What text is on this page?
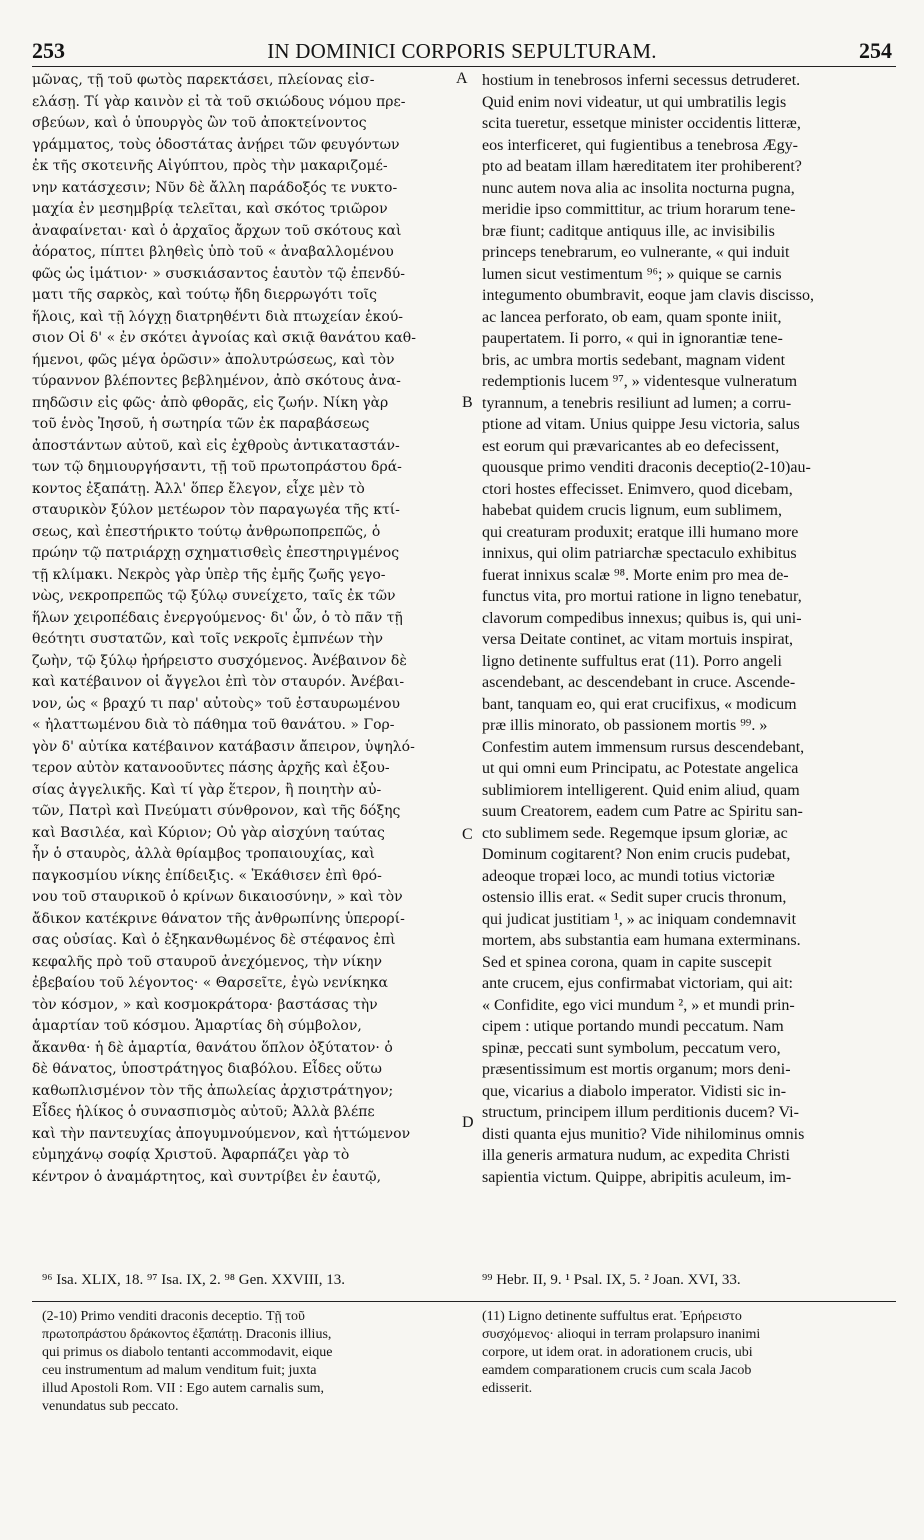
253	IN DOMINICI CORPORIS SEPULTURAM.	254
μῶνας, τῇ τοῦ φωτὸς παρεκτάσει, πλείονας εἰσ-
ελάσῃ. Τί γὰρ καινὸν εἰ τὰ τοῦ σκιώδους νόμου πρε-
σβεύων, καὶ ὁ ὑπουργὸς ὢν τοῦ ἀποκτείνοντος
γράμματος, τοὺς ὁδοστάτας ἀνῄρει τῶν φευγόντων
ἐκ τῆς σκοτεινῆς Αἰγύπτου, πρὸς τὴν μακαριζομέ-
νην κατάσχεσιν; Νῦν δὲ ἄλλη παράδοξός τε νυκτο-
μαχία ἐν μεσημβρίᾳ τελεῖται, καὶ σκότος τριῶρον
ἀναφαίνεται· καὶ ὁ ἀρχαῖος ἄρχων τοῦ σκότους καὶ
ἀόρατος, πίπτει βληθεὶς ὑπὸ τοῦ « ἀναβαλλομένου
φῶς ὡς ἱμάτιον· » συσκιάσαντος ἑαυτὸν τῷ ἐπενδύ-
ματι τῆς σαρκὸς, καὶ τούτῳ ἤδη διερρωγότι τοῖς
ἥλοις, καὶ τῇ λόγχῃ διατρηθέντι διὰ πτωχείαν ἑκού-
σιον Οἱ δ' « ἐν σκότει ἀγνοίας καὶ σκιᾷ θανάτου καθ-
ήμενοι, φῶς μέγα ὁρῶσιν» ἀπολυτρώσεως, καὶ τὸν
τύραννον βλέποντες βεβλημένον, ἀπὸ σκότους ἀνα-
πηδῶσιν εἰς φῶς· ἀπὸ φθορᾶς, εἰς ζωήν. Νίκη γὰρ
τοῦ ἑνὸς Ἰησοῦ, ἡ σωτηρία τῶν ἐκ παραβάσεως
ἀποστάντων αὐτοῦ, καὶ εἰς ἐχθροὺς ἀντικαταστάν-
των τῷ δημιουργήσαντι, τῇ τοῦ πρωτοπράστου δρά-
κοντος ἐξαπάτῃ. Ἀλλ' ὅπερ ἔλεγον, εἶχε μὲν τὸ
σταυρικὸν ξύλον μετέωρον τὸν παραγωγέα τῆς κτί-
σεως, καὶ ἐπεστήρικτο τούτῳ ἀνθρωποπρεπῶς, ὁ
πρώην τῷ πατριάρχῃ σχηματισθεὶς ἐπεστηριγμένος
τῇ κλίμακι. Νεκρὸς γὰρ ὑπὲρ τῆς ἐμῆς ζωῆς γεγο-
νὼς, νεκροπρεπῶς τῷ ξύλῳ συνείχετο, ταῖς ἐκ τῶν
ἥλων χειροπέδαις ἐνεργούμενος· δι' ὧν, ὁ τὸ πᾶν τῇ
θεότητι συστατῶν, καὶ τοῖς νεκροῖς ἐμπνέων τὴν
ζωὴν, τῷ ξύλῳ ἠρήρειστο συσχόμενος. Ἀνέβαινον δὲ
καὶ κατέβαινον οἱ ἄγγελοι ἐπὶ τὸν σταυρόν. Ἀνέβαι-
νον, ὡς « βραχύ τι παρ' αὐτοὺς» τοῦ ἐσταυρωμένου
« ἠλαττωμένου διὰ τὸ πάθημα τοῦ θανάτου. » Γορ-
γὸν δ' αὐτίκα κατέβαινον κατάβασιν ἄπειρον, ὑψηλό-
τερον αὐτὸν κατανοοῦντες πάσης ἀρχῆς καὶ ἐξου-
σίας ἀγγελικῆς. Καὶ τί γὰρ ἕτερον, ἢ ποιητὴν αὐ-
τῶν, Πατρὶ καὶ Πνεύματι σύνθρονον, καὶ τῆς δόξης
καὶ Βασιλέα, καὶ Κύριον; Οὐ γὰρ αἰσχύνη ταύτας
ἦν ὁ σταυρὸς, ἀλλὰ θρίαμβος τροπαιουχίας, καὶ
παγκοσμίου νίκης ἐπίδειξις. « Ἐκάθισεν ἐπὶ θρό-
νου τοῦ σταυρικοῦ ὁ κρίνων δικαιοσύνην, » καὶ τὸν
ἄδικον κατέκρινε θάνατον τῆς ἀνθρωπίνης ὑπερορί-
σας οὐσίας. Καὶ ὁ ἐξηκανθωμένος δὲ στέφανος ἐπὶ
κεφαλῆς πρὸ τοῦ σταυροῦ ἀνεχόμενος, τὴν νίκην
ἐβεβαίου τοῦ λέγοντος· « Θαρσεῖτε, ἐγὼ νενίκηκα
τὸν κόσμον, » καὶ κοσμοκράτορα· βαστάσας τὴν
ἁμαρτίαν τοῦ κόσμου. Ἁμαρτίας δὴ σύμβολον,
ἄκανθα· ἡ δὲ ἁμαρτία, θανάτου ὅπλον ὀξύτατον· ὁ
δὲ θάνατος, ὑποστράτηγος διαβόλου. Εἶδες οὕτω
καθωπλισμένον τὸν τῆς ἀπωλείας ἀρχιστράτηγον;
Εἶδες ἡλίκος ὁ συνασπισμὸς αὐτοῦ; Ἀλλὰ βλέπε
καὶ τὴν παντευχίας ἀπογυμνούμενον, καὶ ἡττώμενον
εὐμηχάνῳ σοφίᾳ Χριστοῦ. Ἀφαρπάζει γὰρ τὸ
κέντρον ὁ ἀναμάρτητος, καὶ συντρίβει ἐν ἑαυτῷ,
hostium in tenebrosos inferni secessus detruderet.
Quid enim novi videatur, ut qui umbratilis legis
scita tueretur, essetque minister occidentis litteræ,
eos interficeret, qui fugientibus a tenebrosa Ægy-
pto ad beatam illam hæreditatem iter prohiberent?
nunc autem nova alia ac insolita nocturna pugna,
meridie ipso committitur, ac trium horarum tene-
bræ fiunt; caditque antiquus ille, ac invisibilis
princeps tenebrarum, eo vulnerante, « qui induit
lumen sicut vestimentum ⁹⁶; » quique se carnis
integumento obumbravit, eoque jam clavis discisso,
ac lancea perforato, ob eam, quam sponte iniit,
paupertatem. Ii porro, « qui in ignorantiæ tene-
bris, ac umbra mortis sedebant, magnam vident
redemptionis lucem ⁹⁷, » videntesque vulneratum
tyrannum, a tenebris resiliunt ad lumen; a corru-
ptione ad vitam. Unius quippe Jesu victoria, salus
est eorum qui prævaricantes ab eo defecissent,
quousque primo venditi draconis deceptio(2-10)au-
ctori hostes effecisset. Enimvero, quod dicebam,
habebat quidem crucis lignum, eum sublimem,
qui creaturam produxit; eratque illi humano more
innixus, qui olim patriarchæ spectaculo exhibitus
fuerat innixus scalæ ⁹⁸. Morte enim pro mea de-
functus vita, pro mortui ratione in ligno tenebatur,
clavorum compedibus innexus; quibus is, qui uni-
versa Deitate continet, ac vitam mortuis inspirat,
ligno detinente suffultus erat (11). Porro angeli
ascendebant, ac descendebant in cruce. Ascende-
bant, tanquam eo, qui erat crucifixus, « modicum
præ illis minorato, ob passionem mortis ⁹⁹. »
Confestim autem immensum rursus descendebant,
ut qui omni eum Principatu, ac Potestate angelica
sublimiorem intelligerent. Quid enim aliud, quam
suum Creatorem, eadem cum Patre ac Spiritu san-
cto sublimem sede. Regemque ipsum gloriæ, ac
Dominum cogitarent? Non enim crucis pudebat,
adeoque tropæi loco, ac mundi totius victoriæ
ostensio illis erat. « Sedit super crucis thronum,
qui judicat justitiam ¹, » ac iniquam condemnavit
mortem, abs substantia eam humana exterminans.
Sed et spinea corona, quam in capite suscepit
ante crucem, ejus confirmabat victoriam, qui ait:
« Confidite, ego vici mundum ², » et mundi prin-
cipem : utique portando mundi peccatum. Nam
spinæ, peccati sunt symbolum, peccatum vero,
præsentissimum est mortis organum; mors deni-
que, vicarius a diabolo imperator. Vidisti sic in-
structum, principem illum perditionis ducem? Vi-
disti quanta ejus munitio? Vide nihilominus omnis
illa generis armatura nudum, ac expedita Christi
sapientia victum. Quippe, abripitis aculeum, im-
A
B
C
D
⁹⁶ Isa. XLIX, 18. ⁹⁷ Isa. IX, 2. ⁹⁸ Gen. XXVIII, 13.	⁹⁹ Hebr. II, 9. ¹ Psal. IX, 5. ² Joan. XVI, 33.
(2-10) Primo venditi draconis deceptio. Τῇ τοῦ
πρωτοπράστου δράκοντος ἐξαπάτῃ. Draconis illius,
qui primus os diabolo tentanti accommodavit, eique
ceu instrumentum ad malum venditum fuit; juxta
illud Apostoli Rom. VII : Ego autem carnalis sum,
venundatus sub peccato.
(11) Ligno detinente suffultus erat. Ἐρήρειστο
συσχόμενος· alioqui in terram prolapsuro inanimi
corpore, ut idem orat. in adorationem crucis, ubi
eamdem comparationem crucis cum scala Jacob
edisserit.
